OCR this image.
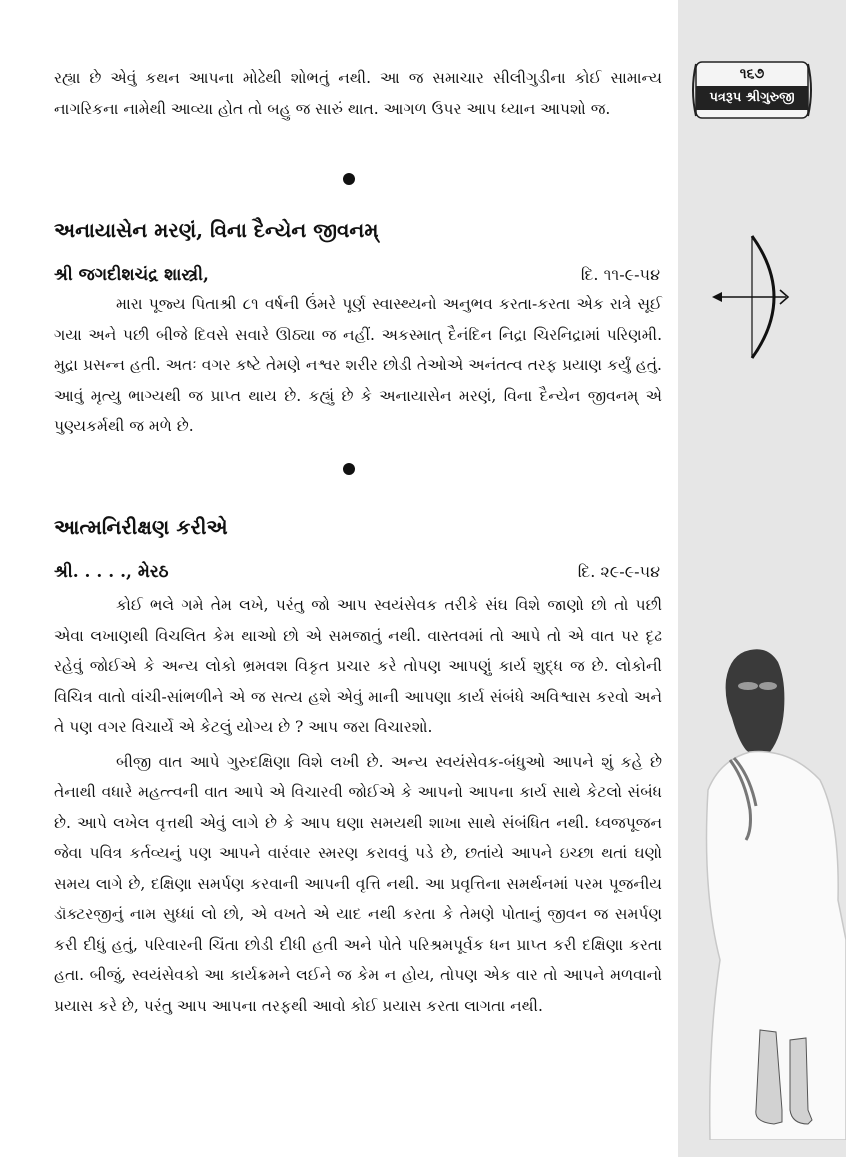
૧૬૭
પત્રરૂપ શ્રીગુરુજી

રહ્યા છે એવું કથન આપના મોઢેથી શોભતું નથી. આ જ સમાચાર સીલીગુડીના કોઈ સામાન્ય નાગરિકના નામેથી આવ્યા હોત તો બહુ જ સારું થાત. આગળ ઉપર આપ ધ્યાન આપશો જ.

અનાયાસેન મરણં, વિના દૈન્યેન જીવનમ્
શ્રી જગદીશચંદ્ર શાસ્ત્રી,	દિ. ૧૧-૯-૫૪

મારા પૂજ્ય પિતાશ્રી ૮૧ વર્ષની ઉંમરે પૂર્ણ સ્વાસ્થ્યનો અનુભવ કરતા-કરતા એક રાત્રે સૂઈ ગયા અને પછી બીજે દિવસે સવારે ઊઠ્યા જ નહીં. અકસ્માત્ દૈનંદિન નિદ્રા ચિરનિદ્રામાં પરિણમી. મુદ્રા પ્રસન્ન હતી. અતઃ વગર કષ્ટે તેમણે નશ્વર શરીર છોડી તેઓએ અનંતત્વ તરફ પ્રયાણ કર્યું હતું. આવું મૃત્યુ ભાગ્યથી જ પ્રાપ્ત થાય છે. કહ્યું છે કે અનાયાસેન મરણં, વિના દૈન્યેન જીવનમ્ એ પુણ્યકર્મથી જ મળે છે.

આત્મનિરીક્ષણ કરીએ
શ્રી. . . . ., મેરઠ	દિ. ૨૯-૯-૫૪

કોઈ ભલે ગમે તેમ લખે, પરંતુ જો આપ સ્વયંસેવક તરીકે સંઘ વિશે જાણો છો તો પછી એવા લખાણથી વિચલિત કેમ થાઓ છો એ સમજાતું નથી. વાસ્તવમાં તો આપે તો એ વાત પર દૃઢ રહેવું જોઈએ કે અન્ય લોકો ભ્રમવશ વિકૃત પ્રચાર કરે તોપણ આપણું કાર્ય શુદ્ધ જ છે. લોકોની વિચિત્ર વાતો વાંચી-સાંભળીને એ જ સત્ય હશે એવું માની આપણા કાર્ય સંબંધે અવિશ્વાસ કરવો અને તે પણ વગર વિચાર્યે એ કેટલું યોગ્ય છે ? આપ જરા વિચારશો.

બીજી વાત આપે ગુરુદક્ષિણા વિશે લખી છે. અન્ય સ્વયંસેવક-બંધુઓ આપને શું કહે છે તેનાથી વધારે મહત્ત્વની વાત આપે એ વિચારવી જોઈએ કે આપનો આપના કાર્ય સાથે કેટલો સંબંધ છે. આપે લખેલ વૃત્તથી એવું લાગે છે કે આપ ઘણા સમયથી શાખા સાથે સંબંધિત નથી. ધ્વજપૂજન જેવા પવિત્ર કર્તવ્યનું પણ આપને વારંવાર સ્મરણ કરાવવું પડે છે, છતાંયે આપને ઇચ્છા થતાં ઘણો સમય લાગે છે, દક્ષિણા સમર્પણ કરવાની આપની વૃત્તિ નથી. આ પ્રવૃત્તિના સમર્થનમાં પરમ પૂજનીય ડૉક્ટરજીનું નામ સુધ્ધાં લો છો, એ વખતે એ યાદ નથી કરતા કે તેમણે પોતાનું જીવન જ સમર્પણ કરી દીધું હતું, પરિવારની ચિંતા છોડી દીધી હતી અને પોતે પરિશ્રમપૂર્વક ધન પ્રાપ્ત કરી દક્ષિણા કરતા હતા. બીજું, સ્વયંસેવકો આ કાર્યક્રમને લઈને જ કેમ ન હોય, તોપણ એક વાર તો આપને મળવાનો પ્રયાસ કરે છે, પરંતુ આપ આપના તરફથી આવો કોઈ પ્રયાસ કરતા લાગતા નથી.
